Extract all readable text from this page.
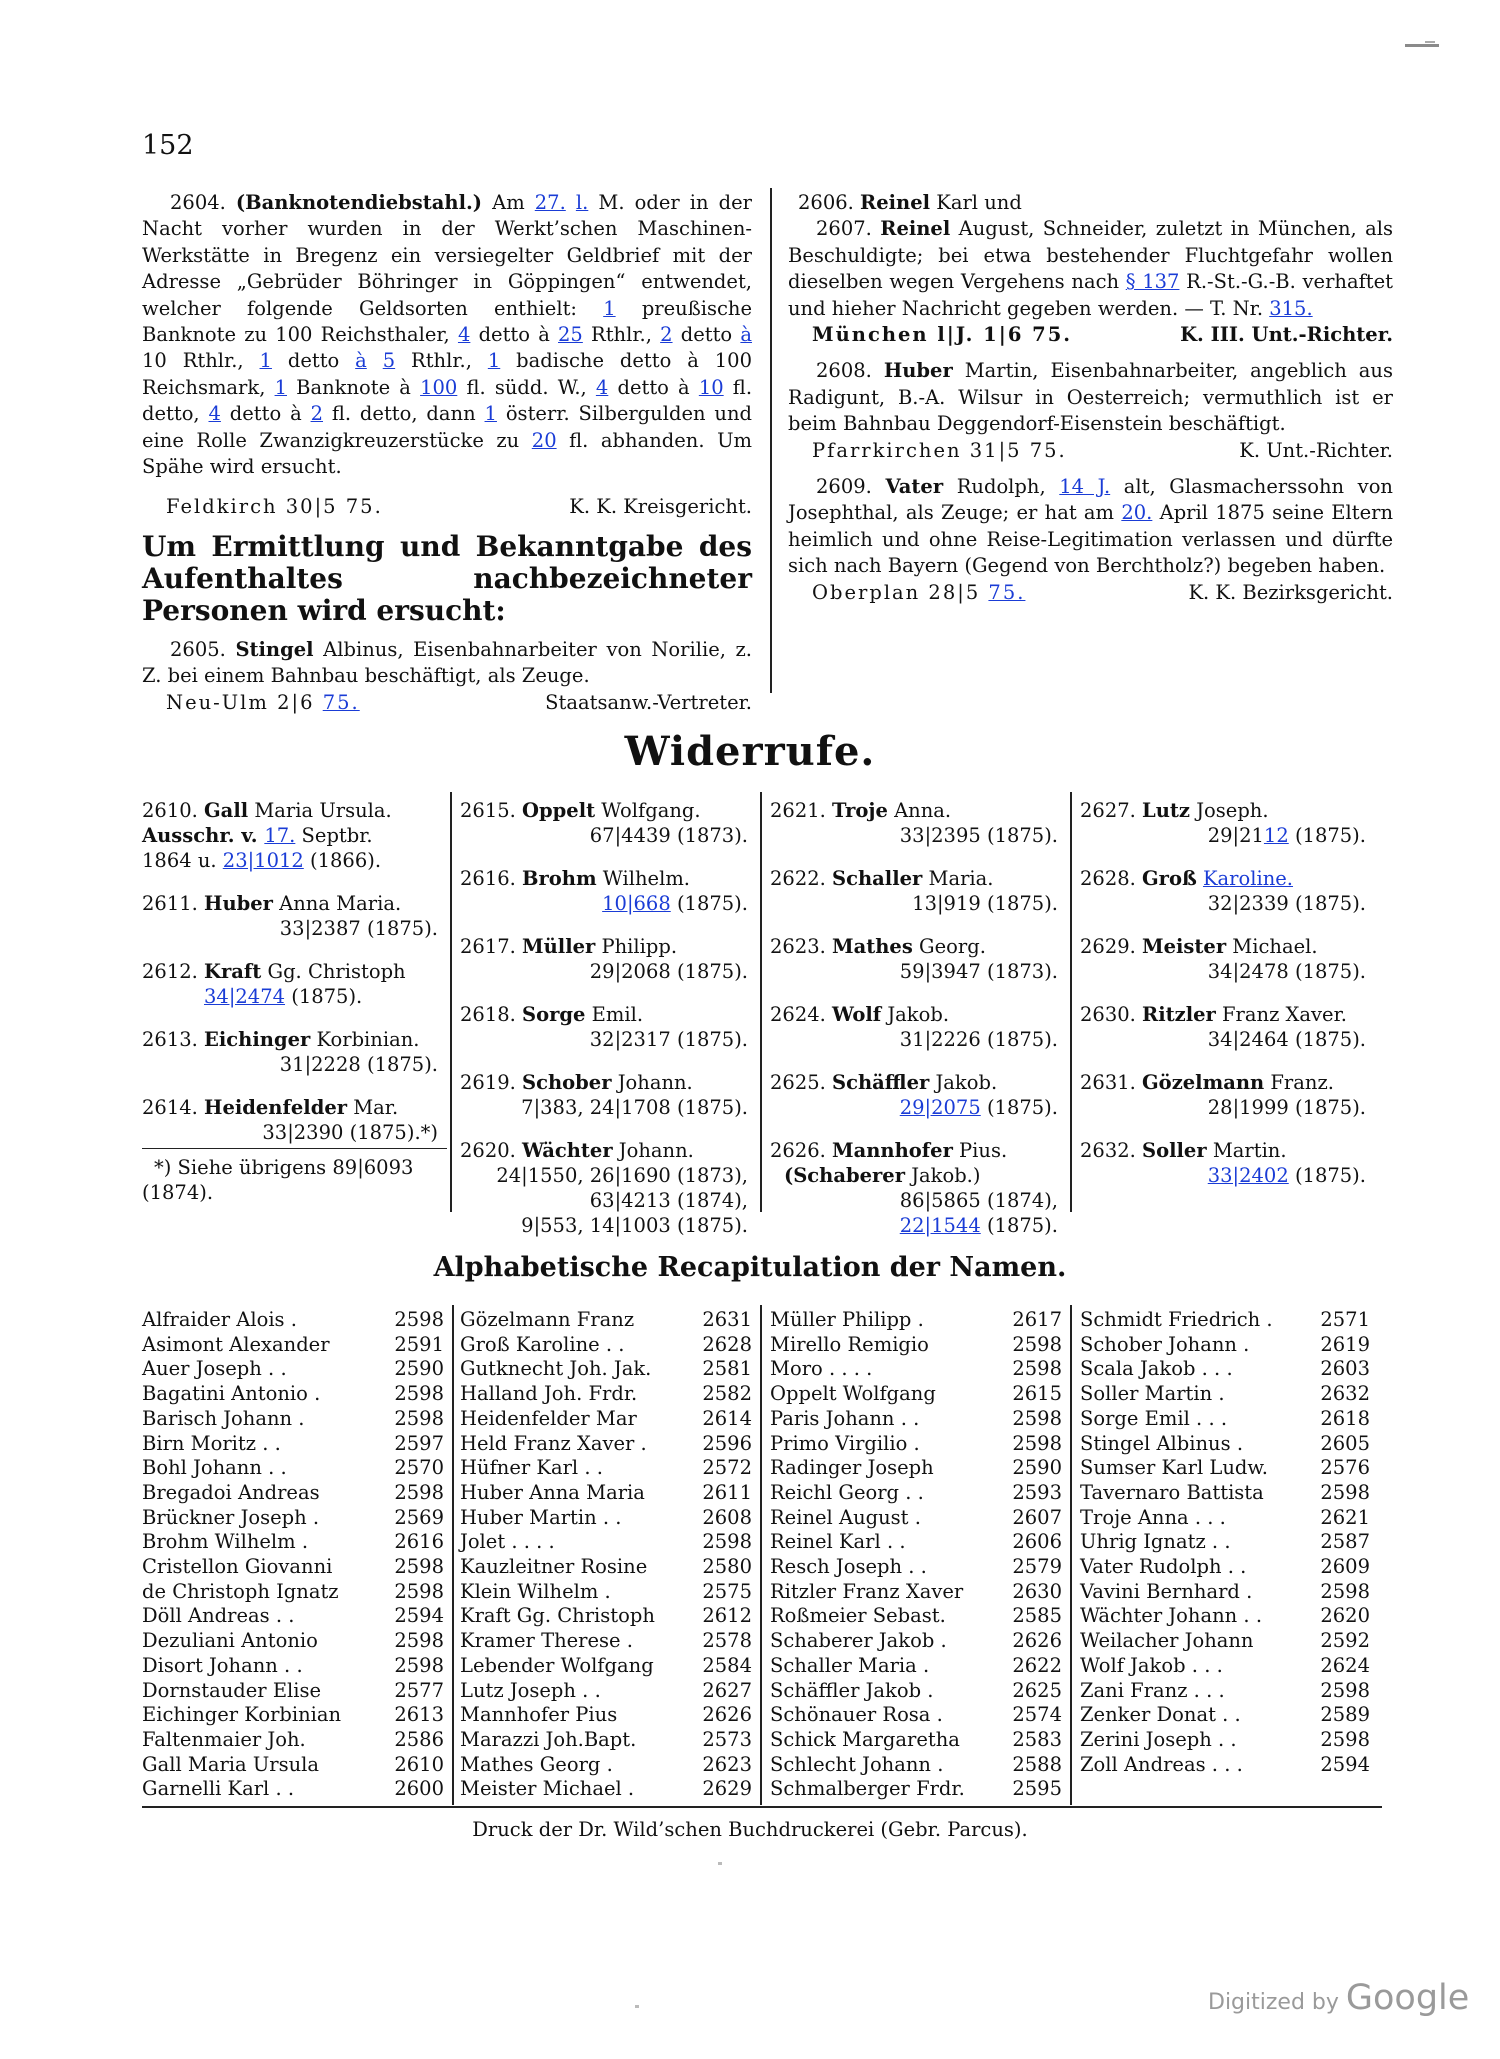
152

2604. (Banknotendiebstahl.) Am 27. l. M. oder in der Nacht vorher wurden in der Werkt’schen Maschinen-Werkstätte in Bregenz ein versiegelter Geldbrief mit der Adresse „Gebrüder Böhringer in Göppingen“ entwendet, welcher folgende Geldsorten enthielt: 1 preußische Banknote zu 100 Reichsthaler, 4 detto à 25 Rthlr., 2 detto à 10 Rthlr., 1 detto à 5 Rthlr., 1 badische detto à 100 Reichsmark, 1 Banknote à 100 fl. südd. W., 4 detto à 10 fl. detto, 4 detto à 2 fl. detto, dann 1 österr. Silbergulden und eine Rolle Zwanzigkreuzerstücke zu 20 fl. abhanden. Um Spähe wird ersucht.

Feldkirch 30|5 75.	K. K. Kreisgericht.
Um Ermittlung und Bekanntgabe des Aufenthaltes nachbezeichneter Personen wird ersucht:

2605. Stingel Albinus, Eisenbahnarbeiter von Norilie, z. Z. bei einem Bahnbau beschäftigt, als Zeuge.

Neu-Ulm 2|6 75.	Staatsanw.-Vertreter.

2606. Reinel Karl und

2607. Reinel August, Schneider, zuletzt in München, als Beschuldigte; bei etwa bestehender Fluchtgefahr wollen dieselben wegen Vergehens nach § 137 R.-St.-G.-B. verhaftet und hieher Nachricht gegeben werden. — T. Nr. 315.

München l|J. 1|6 75.	K. III. Unt.-Richter.

2608. Huber Martin, Eisenbahnarbeiter, angeblich aus Radigunt, B.-A. Wilsur in Oesterreich; vermuthlich ist er beim Bahnbau Deggendorf-Eisenstein beschäftigt.

Pfarrkirchen 31|5 75.	K. Unt.-Richter.

2609. Vater Rudolph, 14 J. alt, Glasmacherssohn von Josephthal, als Zeuge; er hat am 20. April 1875 seine Eltern heimlich und ohne Reise-Legitimation verlassen und dürfte sich nach Bayern (Gegend von Berchtholz?) begeben haben.

Oberplan 28|5 75.	K. K. Bezirksgericht.
Widerrufe.
2610. Gall Maria Ursula.
Ausschr. v. 17. Septbr.
1864 u. 23|1012 (1866).
2611. Huber Anna Maria.
33|2387 (1875).
2612. Kraft Gg. Christoph
34|2474 (1875).
2613. Eichinger Korbinian.
31|2228 (1875).
2614. Heidenfelder Mar.
33|2390 (1875).*)
*) Siehe übrigens 89|6093
(1874).
2615. Oppelt Wolfgang.
67|4439 (1873).
2616. Brohm Wilhelm.
10|668 (1875).
2617. Müller Philipp.
29|2068 (1875).
2618. Sorge Emil.
32|2317 (1875).
2619. Schober Johann.
7|383, 24|1708 (1875).
2620. Wächter Johann.
24|1550, 26|1690 (1873),
63|4213 (1874),
9|553, 14|1003 (1875).
2621. Troje Anna.
33|2395 (1875).
2622. Schaller Maria.
13|919 (1875).
2623. Mathes Georg.
59|3947 (1873).
2624. Wolf Jakob.
31|2226 (1875).
2625. Schäffler Jakob.
29|2075 (1875).
2626. Mannhofer Pius.
(Schaberer Jakob.)
86|5865 (1874),
22|1544 (1875).
2627. Lutz Joseph.
29|2112 (1875).
2628. Groß Karoline.
32|2339 (1875).
2629. Meister Michael.
34|2478 (1875).
2630. Ritzler Franz Xaver.
34|2464 (1875).
2631. Gözelmann Franz.
28|1999 (1875).
2632. Soller Martin.
33|2402 (1875).
Alphabetische Recapitulation der Namen.
Alfraider Alois .	2598
Asimont Alexander	2591
Auer Joseph . .	2590
Bagatini Antonio .	2598
Barisch Johann .	2598
Birn Moritz . .	2597
Bohl Johann . .	2570
Bregadoi Andreas	2598
Brückner Joseph .	2569
Brohm Wilhelm .	2616
Cristellon Giovanni	2598
de Christoph Ignatz	2598
Döll Andreas . .	2594
Dezuliani Antonio	2598
Disort Johann . .	2598
Dornstauder Elise	2577
Eichinger Korbinian	2613
Faltenmaier Joh.	2586
Gall Maria Ursula	2610
Garnelli Karl . .	2600
Gözelmann Franz	2631
Groß Karoline . .	2628
Gutknecht Joh. Jak.	2581
Halland Joh. Frdr.	2582
Heidenfelder Mar	2614
Held Franz Xaver .	2596
Hüfner Karl . .	2572
Huber Anna Maria	2611
Huber Martin . .	2608
Jolet . . . .	2598
Kauzleitner Rosine	2580
Klein Wilhelm .	2575
Kraft Gg. Christoph 2612
Kramer Therese .	2578
Lebender Wolfgang 2584
Lutz Joseph . .	2627
Mannhofer Pius	2626
Marazzi Joh.Bapt.	2573
Mathes Georg .	2623
Meister Michael .	2629
Müller Philipp .	2617
Mirello Remigio	2598
Moro . . . .	2598
Oppelt Wolfgang	2615
Paris Johann . .	2598
Primo Virgilio .	2598
Radinger Joseph	2590
Reichl Georg . .	2593
Reinel August .	2607
Reinel Karl . .	2606
Resch Joseph . .	2579
Ritzler Franz Xaver	2630
Roßmeier Sebast.	2585
Schaberer Jakob .	2626
Schaller Maria .	2622
Schäffler Jakob .	2625
Schönauer Rosa .	2574
Schick Margaretha	2583
Schlecht Johann .	2588
Schmalberger Frdr. 2595
Schmidt Friedrich . 2571
Schober Johann .	2619
Scala Jakob . . .	2603
Soller Martin .	2632
Sorge Emil . . .	2618
Stingel Albinus .	2605
Sumser Karl Ludw.	2576
Tavernaro Battista	2598
Troje Anna . . .	2621
Uhrig Ignatz . .	2587
Vater Rudolph . .	2609
Vavini Bernhard .	2598
Wächter Johann . .	2620
Weilacher Johann	2592
Wolf Jakob . . .	2624
Zani Franz . . .	2598
Zenker Donat . .	2589
Zerini Joseph . .	2598
Zoll Andreas . . .	2594
Druck der Dr. Wild’schen Buchdruckerei (Gebr. Parcus).
Digitized by Google
